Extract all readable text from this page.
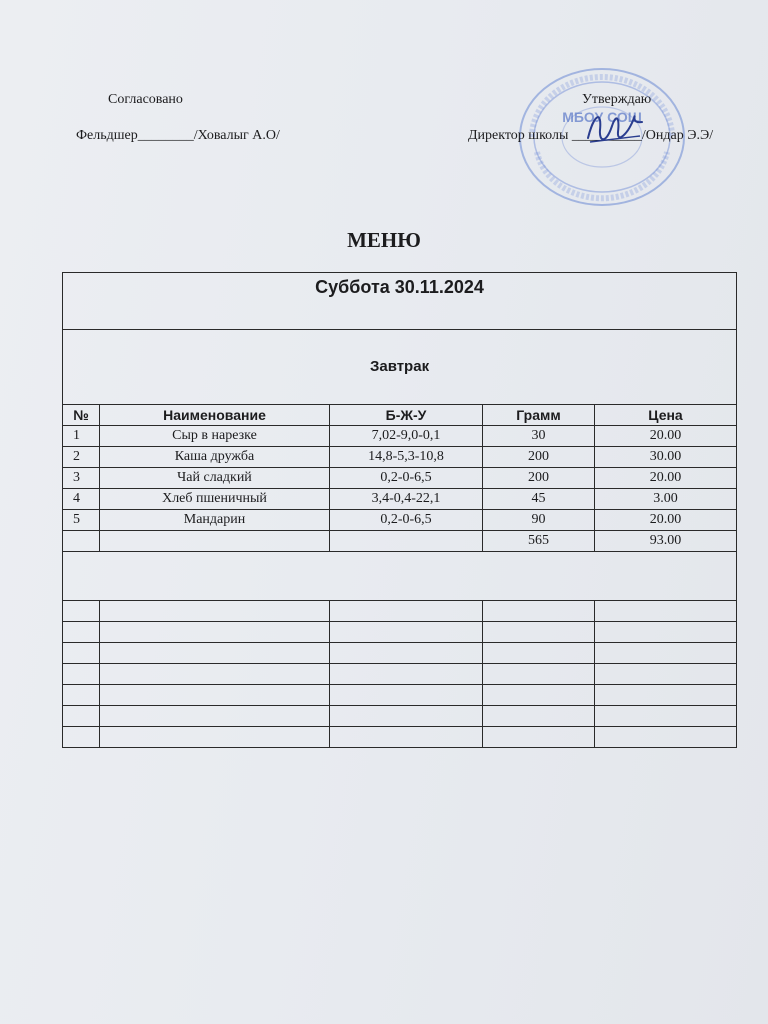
Согласовано
Фельдшер________/Ховалыг А.О/
МБОУ СОШ
Утверждаю
Директор школы __________/Ондар Э.Э/
МЕНЮ
Суббота 30.11.2024				
Завтрак				
№	Наименование	Б-Ж-У	Грамм	Цена
1	Сыр в нарезке	7,02-9,0-0,1	30	20.00
2	Каша дружба	14,8-5,3-10,8	200	30.00
3	Чай сладкий	0,2-0-6,5	200	20.00
4	Хлеб пшеничный	3,4-0,4-22,1	45	3.00
5	Мандарин	0,2-0-6,5	90	20.00
			565	93.00
